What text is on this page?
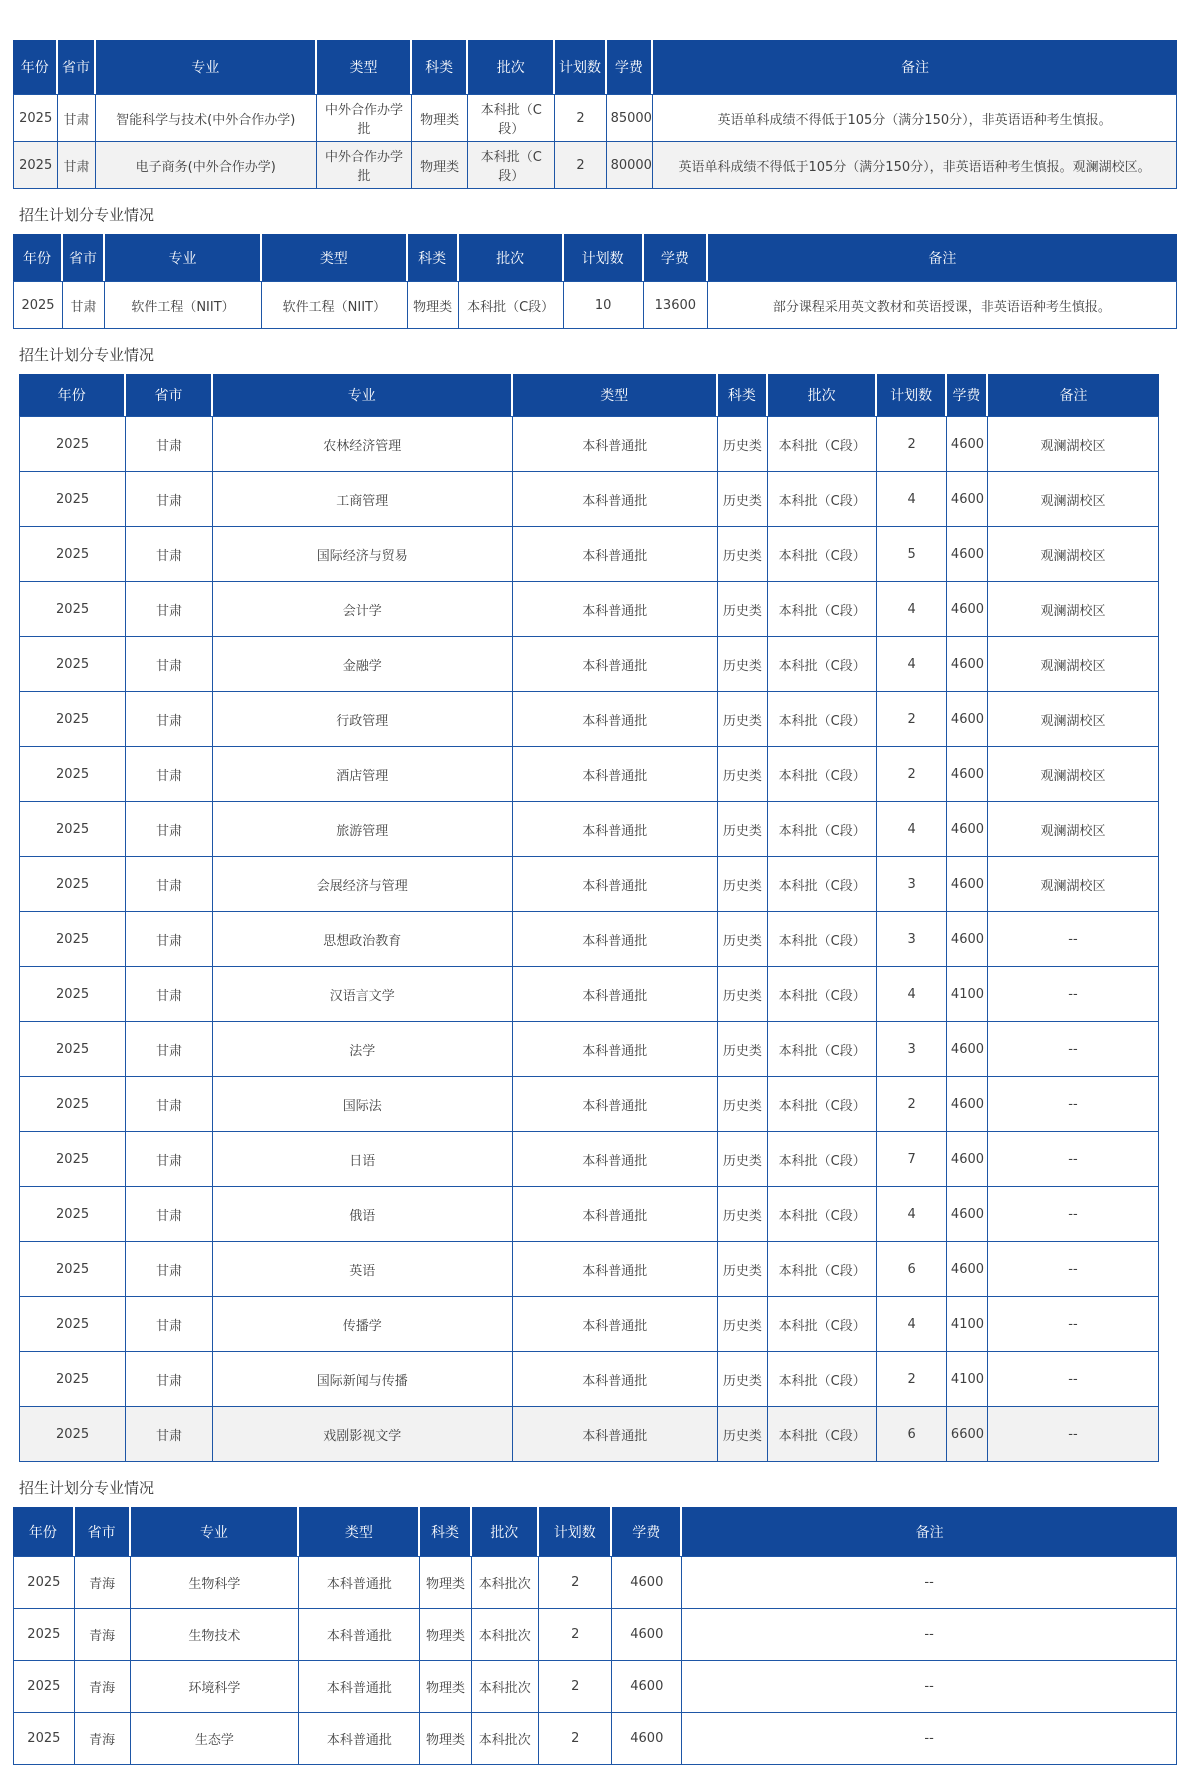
年份	省市	专业	类型	科类	批次	计划数	学费	备注
2025	甘肃	智能科学与技术(中外合作办学)	中外合作办学批	物理类	本科批（C段）	2	85000	英语单科成绩不得低于105分（满分150分），非英语语种考生慎报。
2025	甘肃	电子商务(中外合作办学)	中外合作办学批	物理类	本科批（C段）	2	80000	英语单科成绩不得低于105分（满分150分），非英语语种考生慎报。观澜湖校区。
招生计划分专业情况
年份	省市	专业	类型	科类	批次	计划数	学费	备注
2025	甘肃	软件工程（NIIT）	软件工程（NIIT）	物理类	本科批（C段）	10	13600	部分课程采用英文教材和英语授课，非英语语种考生慎报。
招生计划分专业情况
年份	省市	专业	类型	科类	批次	计划数	学费	备注
2025	甘肃	农林经济管理	本科普通批	历史类	本科批（C段）	2	4600	观澜湖校区
2025	甘肃	工商管理	本科普通批	历史类	本科批（C段）	4	4600	观澜湖校区
2025	甘肃	国际经济与贸易	本科普通批	历史类	本科批（C段）	5	4600	观澜湖校区
2025	甘肃	会计学	本科普通批	历史类	本科批（C段）	4	4600	观澜湖校区
2025	甘肃	金融学	本科普通批	历史类	本科批（C段）	4	4600	观澜湖校区
2025	甘肃	行政管理	本科普通批	历史类	本科批（C段）	2	4600	观澜湖校区
2025	甘肃	酒店管理	本科普通批	历史类	本科批（C段）	2	4600	观澜湖校区
2025	甘肃	旅游管理	本科普通批	历史类	本科批（C段）	4	4600	观澜湖校区
2025	甘肃	会展经济与管理	本科普通批	历史类	本科批（C段）	3	4600	观澜湖校区
2025	甘肃	思想政治教育	本科普通批	历史类	本科批（C段）	3	4600	--
2025	甘肃	汉语言文学	本科普通批	历史类	本科批（C段）	4	4100	--
2025	甘肃	法学	本科普通批	历史类	本科批（C段）	3	4600	--
2025	甘肃	国际法	本科普通批	历史类	本科批（C段）	2	4600	--
2025	甘肃	日语	本科普通批	历史类	本科批（C段）	7	4600	--
2025	甘肃	俄语	本科普通批	历史类	本科批（C段）	4	4600	--
2025	甘肃	英语	本科普通批	历史类	本科批（C段）	6	4600	--
2025	甘肃	传播学	本科普通批	历史类	本科批（C段）	4	4100	--
2025	甘肃	国际新闻与传播	本科普通批	历史类	本科批（C段）	2	4100	--
2025	甘肃	戏剧影视文学	本科普通批	历史类	本科批（C段）	6	6600	--
招生计划分专业情况
年份	省市	专业	类型	科类	批次	计划数	学费	备注
2025	青海	生物科学	本科普通批	物理类	本科批次	2	4600	--
2025	青海	生物技术	本科普通批	物理类	本科批次	2	4600	--
2025	青海	环境科学	本科普通批	物理类	本科批次	2	4600	--
2025	青海	生态学	本科普通批	物理类	本科批次	2	4600	--
